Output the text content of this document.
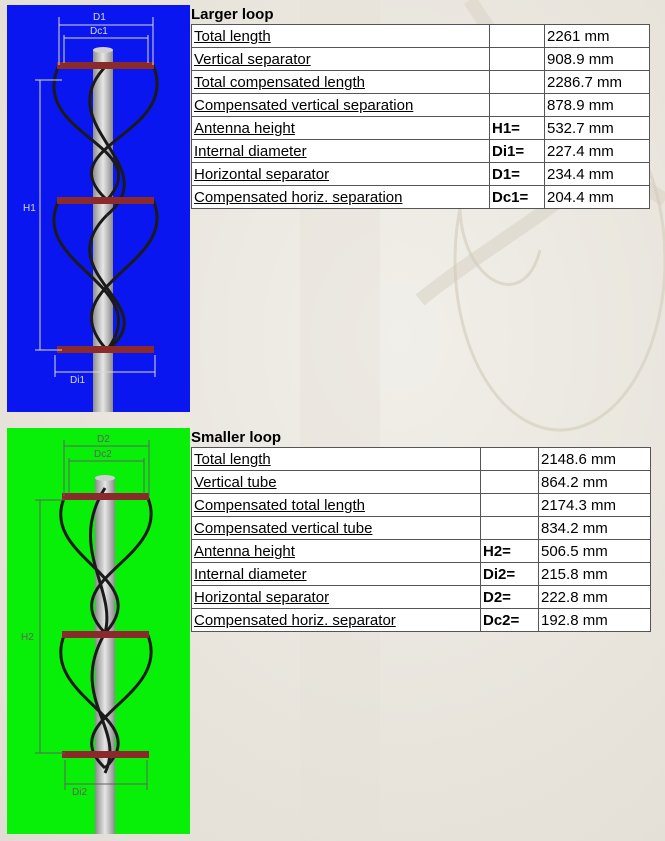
D1
Dc1
H1
Di1
Larger loop
Total length		2261 mm
Vertical separator		908.9 mm
Total compensated length		2286.7 mm
Compensated vertical separation		878.9 mm
Antenna height	H1=	532.7 mm
Internal diameter	Di1=	227.4 mm
Horizontal separator	D1=	234.4 mm
Compensated horiz. separation	Dc1=	204.4 mm
D2
Dc2
H2
Di2
Smaller loop
Total length		2148.6 mm
Vertical tube		864.2 mm
Compensated total length		2174.3 mm
Compensated vertical tube		834.2 mm
Antenna height	H2=	506.5 mm
Internal diameter	Di2=	215.8 mm
Horizontal separator	D2=	222.8 mm
Compensated horiz. separator	Dc2=	192.8 mm
